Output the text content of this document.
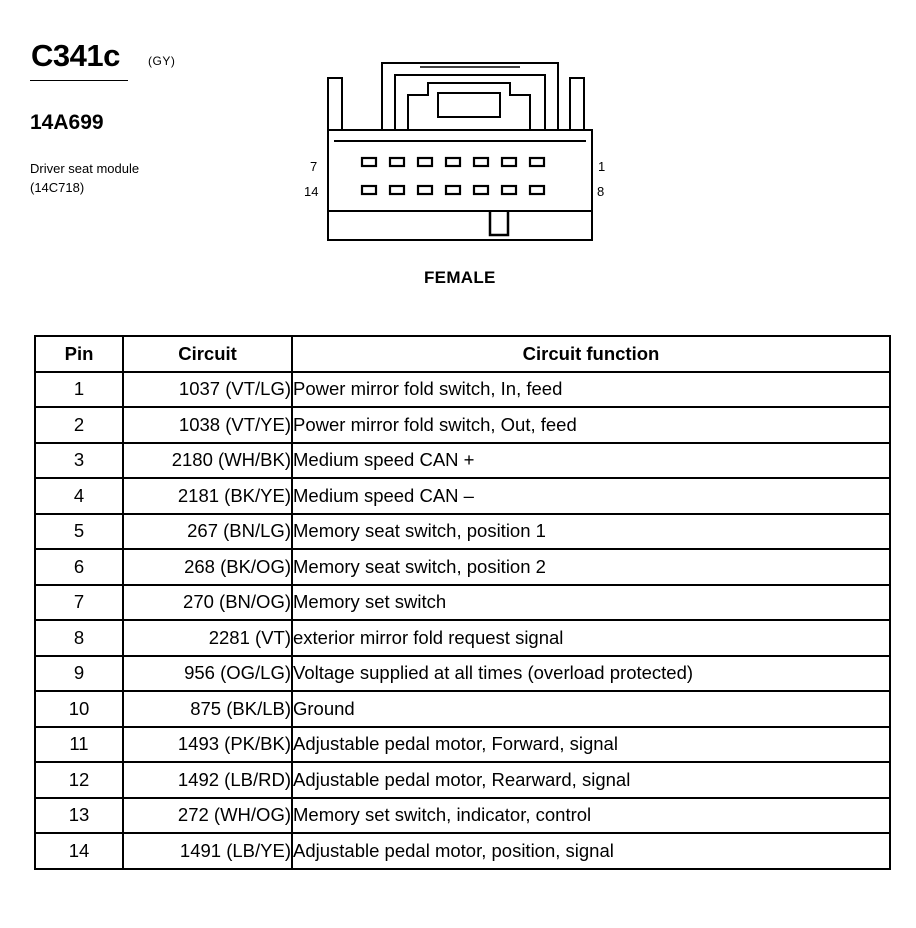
C341c (GY)
14A699
Driver seat module
(14C718)
7	1
14	8
FEMALE
Pin	Circuit	Circuit function
1	1037 (VT/LG)	Power mirror fold switch, In, feed
2	1038 (VT/YE)	Power mirror fold switch, Out, feed
3	2180 (WH/BK)	Medium speed CAN +
4	2181 (BK/YE)	Medium speed CAN –
5	267 (BN/LG)	Memory seat switch, position 1
6	268 (BK/OG)	Memory seat switch, position 2
7	270 (BN/OG)	Memory set switch
8	2281 (VT)	exterior mirror fold request signal
9	956 (OG/LG)	Voltage supplied at all times (overload protected)
10	875 (BK/LB)	Ground
11	1493 (PK/BK)	Adjustable pedal motor, Forward, signal
12	1492 (LB/RD)	Adjustable pedal motor, Rearward, signal
13	272 (WH/OG)	Memory set switch, indicator, control
14	1491 (LB/YE)	Adjustable pedal motor, position, signal
